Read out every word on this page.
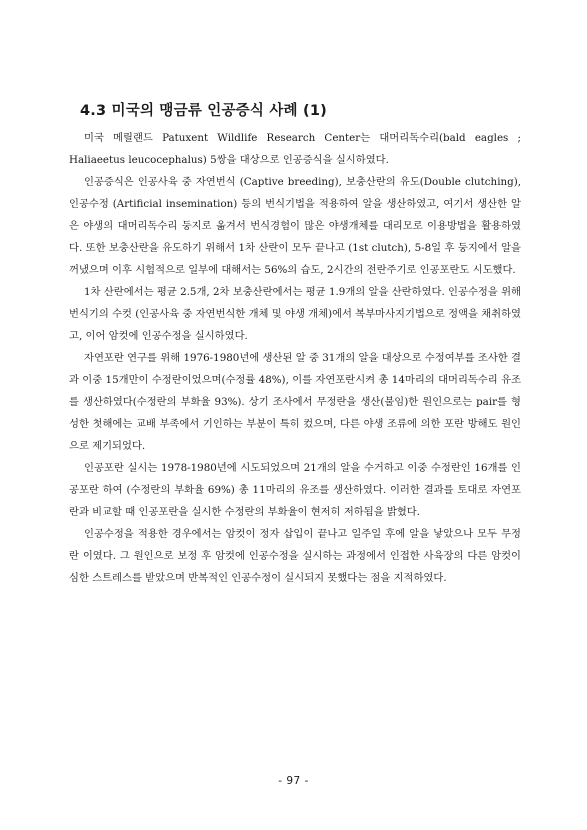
4.3 미국의 맹금류 인공증식 사례 (1)

미국 메릴랜드 Patuxent Wildlife Research Center는 대머리독수리(bald eagles ; Haliaeetus leucocephalus) 5쌍을 대상으로 인공증식을 실시하였다.

인공증식은 인공사육 중 자연번식 (Captive breeding), 보충산란의 유도(Double clutching), 인공수정 (Artificial insemination) 등의 번식기법을 적용하여 알을 생산하였고, 여기서 생산한 알은 야생의 대머리독수리 둥지로 옮겨서 번식경험이 많은 야생개체를 대리모로 이용방법을 활용하였다. 또한 보충산란을 유도하기 위해서 1차 산란이 모두 끝나고 (1st clutch), 5-8일 후 둥지에서 알을 꺼냈으며 이후 시험적으로 일부에 대해서는 56%의 습도, 2시간의 전란주기로 인공포란도 시도했다.

1차 산란에서는 평균 2.5개, 2차 보충산란에서는 평균 1.9개의 알을 산란하였다. 인공수정을 위해 번식기의 수컷 (인공사육 중 자연번식한 개체 및 야생 개체)에서 복부마사지기법으로 정액을 채취하였고, 이어 암컷에 인공수정을 실시하였다.

자연포란 연구를 위해 1976-1980년에 생산된 알 중 31개의 알을 대상으로 수정여부를 조사한 결과 이중 15개만이 수정란이었으며(수정률 48%), 이를 자연포란시켜 총 14마리의 대머리독수리 유조를 생산하였다(수정란의 부화율 93%). 상기 조사에서 무정란을 생산(불임)한 원인으로는 pair를 형성한 첫해에는 교배 부족에서 기인하는 부분이 특히 컸으며, 다른 야생 조류에 의한 포란 방해도 원인으로 제기되었다.

인공포란 실시는 1978-1980년에 시도되었으며 21개의 알을 수거하고 이중 수정란인 16개를 인공포란 하여 (수정란의 부화율 69%) 총 11마리의 유조를 생산하였다. 이러한 결과를 토대로 자연포란과 비교할 때 인공포란을 실시한 수정란의 부화율이 현저히 저하됨을 밝혔다.

인공수정을 적용한 경우에서는 암컷이 정자 삽입이 끝나고 일주일 후에 알을 낳았으나 모두 무정란 이였다. 그 원인으로 보정 후 암컷에 인공수정을 실시하는 과정에서 인접한 사육장의 다른 암컷이 심한 스트레스를 받았으며 반복적인 인공수정이 실시되지 못했다는 점을 지적하였다.

- 97 -
